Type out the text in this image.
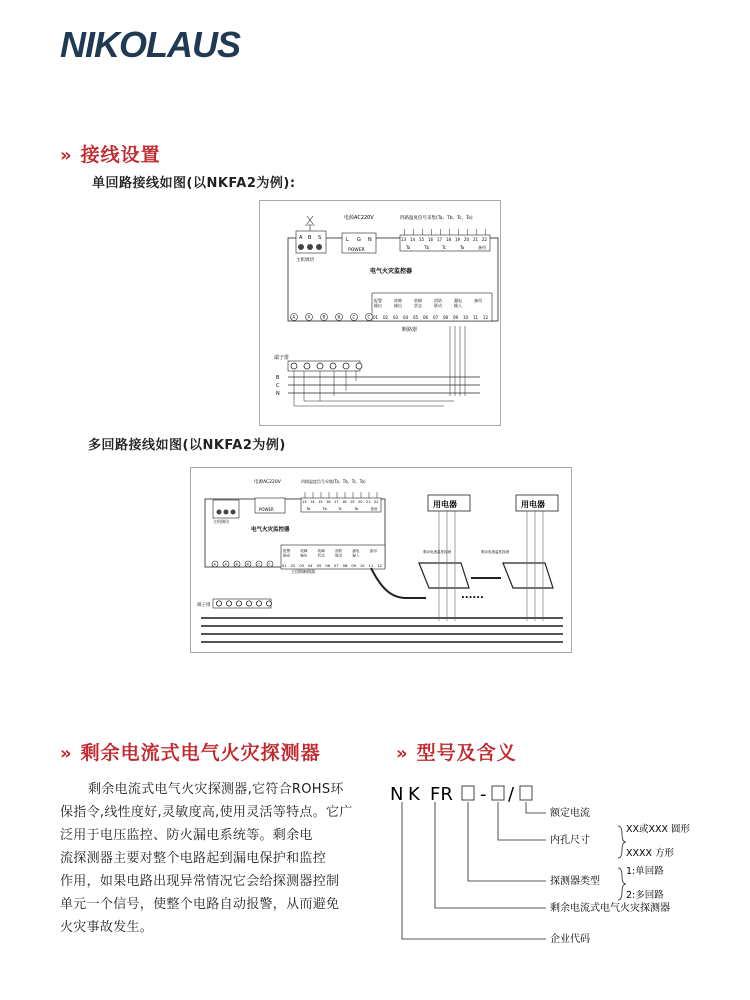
NIKOLAUS
» 接线设置
单回路接线如图(以NKFA2为例):
A B S
主机调切
电源AC220V
L G N
POWER
四路温度信号采集(Ta、Tb、Tc、To)
13 14 15 16 17 18 19 20 21 22
Ta	Tb	Tc	To	备用
电气火灾监控器
报警
输出
故障
输出
故障
状态
消防
联动
漏电
输入
备用
01 02 03 04 05 06 07 08 09 10 11 12
A	A	B	B	C	C
端子排
B
C
N
断路器
多回路接线如图(以NKFA2为例)
主机调切
电源AC220V
POWER
四路温度信号采集(Ta、Tb、Tc、To)
13 14 15 16 17 18 19 20 21 22
Ta	Tb	Tc	To	备用
电气火灾监控器
报警
输出
故障
输出
故障
状态
消防
联动
漏电
输入
备用
01 02 03 04 05 06 07 08 09 10 11 12
A A B B C C
端子排
主回路断路器
用电器	用电器
剩余电流温度探测	剩余电流温度探测
......
» 剩余电流式电气火灾探测器	» 型号及含义
剩余电流式电气火灾探测器,它符合ROHS环
保指令,线性度好,灵敏度高,使用灵活等特点。它广
泛用于电压监控、防火漏电系统等。剩余电
流探测器主要对整个电路起到漏电保护和监控
作用，如果电路出现异常情况它会给探测器控制
单元一个信号，使整个电路自动报警，从而避免
火灾事故发生。
N K FR - /
额定电流
内孔尺寸
探测器类型
剩余电流式电气火灾探测器
企业代码
XX或XXX 圆形
XXXX 方形
1:单回路
2:多回路
